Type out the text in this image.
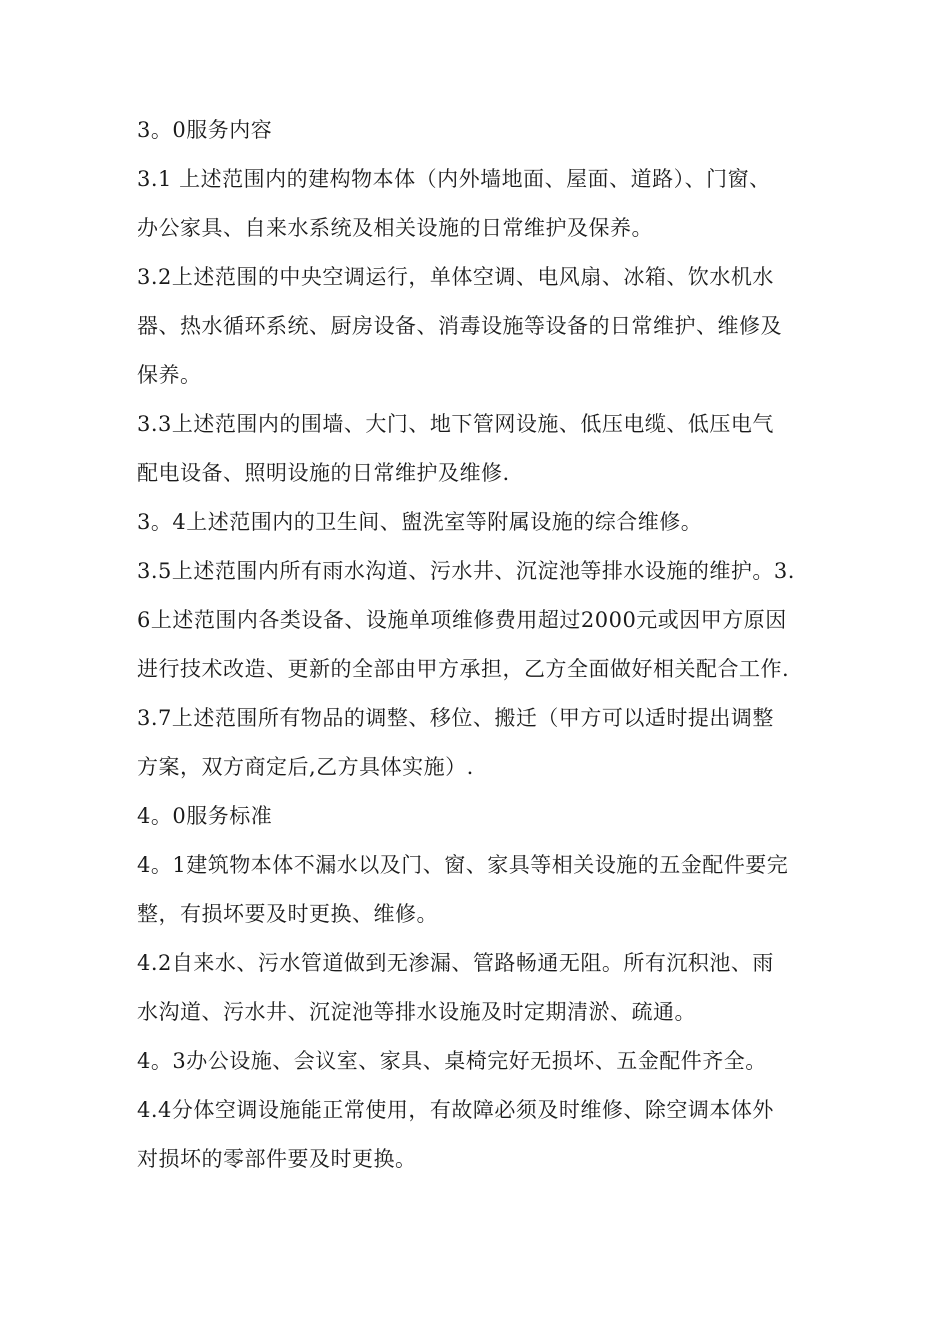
3。0服务内容
3.1 上述范围内的建构物本体（内外墙地面、屋面、道路）、门窗、
办公家具、自来水系统及相关设施的日常维护及保养。
3.2上述范围的中央空调运行，单体空调、电风扇、冰箱、饮水机水
器、热水循环系统、厨房设备、消毒设施等设备的日常维护、维修及
保养。
3.3上述范围内的围墙、大门、地下管网设施、低压电缆、低压电气
配电设备、照明设施的日常维护及维修.
3。4上述范围内的卫生间、盥洗室等附属设施的综合维修。
3.5上述范围内所有雨水沟道、污水井、沉淀池等排水设施的维护。3.
6上述范围内各类设备、设施单项维修费用超过2000元或因甲方原因
进行技术改造、更新的全部由甲方承担，乙方全面做好相关配合工作.
3.7上述范围所有物品的调整、移位、搬迁（甲方可以适时提出调整
方案，双方商定后,乙方具体实施）.
4。0服务标准
4。1建筑物本体不漏水以及门、窗、家具等相关设施的五金配件要完
整，有损坏要及时更换、维修。
4.2自来水、污水管道做到无渗漏、管路畅通无阻。所有沉积池、雨
水沟道、污水井、沉淀池等排水设施及时定期清淤、疏通。
4。3办公设施、会议室、家具、桌椅完好无损坏、五金配件齐全。
4.4分体空调设施能正常使用，有故障必须及时维修、除空调本体外
对损坏的零部件要及时更换。
